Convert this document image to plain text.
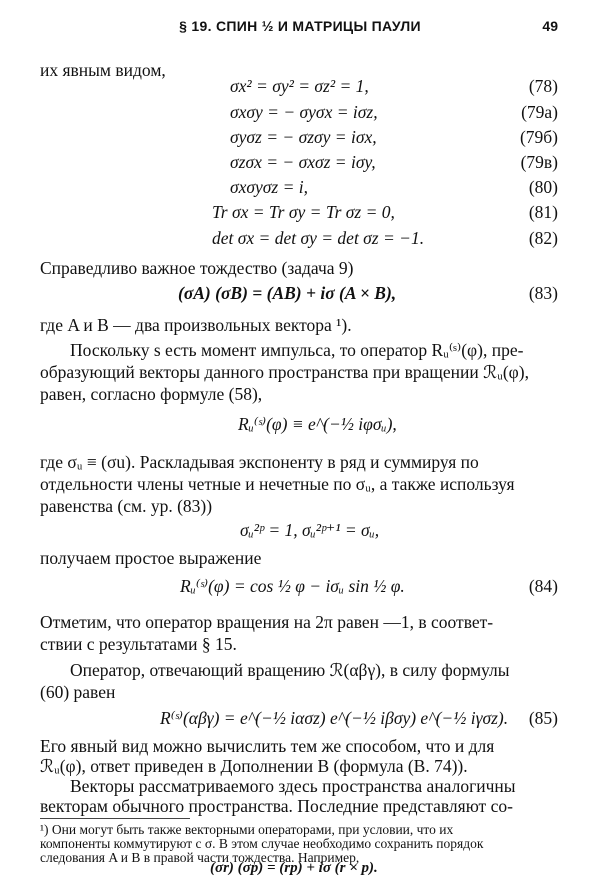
§ 19. СПИН ½ И МАТРИЦЫ ПАУЛИ	49
их явным видом,
σx² = σy² = σz² = 1,	(78)
σxσy = − σyσx = iσz,	(79а)
σyσz = − σzσy = iσx,	(79б)
σzσx = − σxσz = iσy,	(79в)
σxσyσz = i,	(80)
Tr σx = Tr σy = Tr σz = 0,	(81)
det σx = det σy = det σz = −1.	(82)
Справедливо важное тождество (задача 9)
(σA) (σB) = (AB) + iσ (A × B),	(83)
где A и B — два произвольных вектора ¹).
Поскольку s есть момент импульса, то оператор Rᵤ⁽ˢ⁾(φ), пре-
образующий векторы данного пространства при вращении ℛᵤ(φ),
равен, согласно формуле (58),
Rᵤ⁽ˢ⁾(φ) ≡ e^(−½ iφσᵤ),
где σᵤ ≡ (σu). Раскладывая экспоненту в ряд и суммируя по
отдельности члены четные и нечетные по σᵤ, а также используя
равенства (см. ур. (83))
σᵤ²ᵖ = 1, σᵤ²ᵖ⁺¹ = σᵤ,
получаем простое выражение
Rᵤ⁽ˢ⁾(φ) = cos ½ φ − iσᵤ sin ½ φ.	(84)
Отметим, что оператор вращения на 2π равен —1, в соответ-
ствии с результатами § 15.
Оператор, отвечающий вращению ℛ(αβγ), в силу формулы
(60) равен
R⁽ˢ⁾(αβγ) = e^(−½ iασz) e^(−½ iβσy) e^(−½ iγσz). (85)
Его явный вид можно вычислить тем же способом, что и для
ℛᵤ(φ), ответ приведен в Дополнении В (формула (В. 74)).
Векторы рассматриваемого здесь пространства аналогичны
векторам обычного пространства. Последние представляют со-
¹) Они могут быть также векторными операторами, при условии, что их
компоненты коммутируют с σ. В этом случае необходимо сохранить порядок
следования A и B в правой части тождества. Например,
(σr) (σp) = (rp) + iσ (r × p).
